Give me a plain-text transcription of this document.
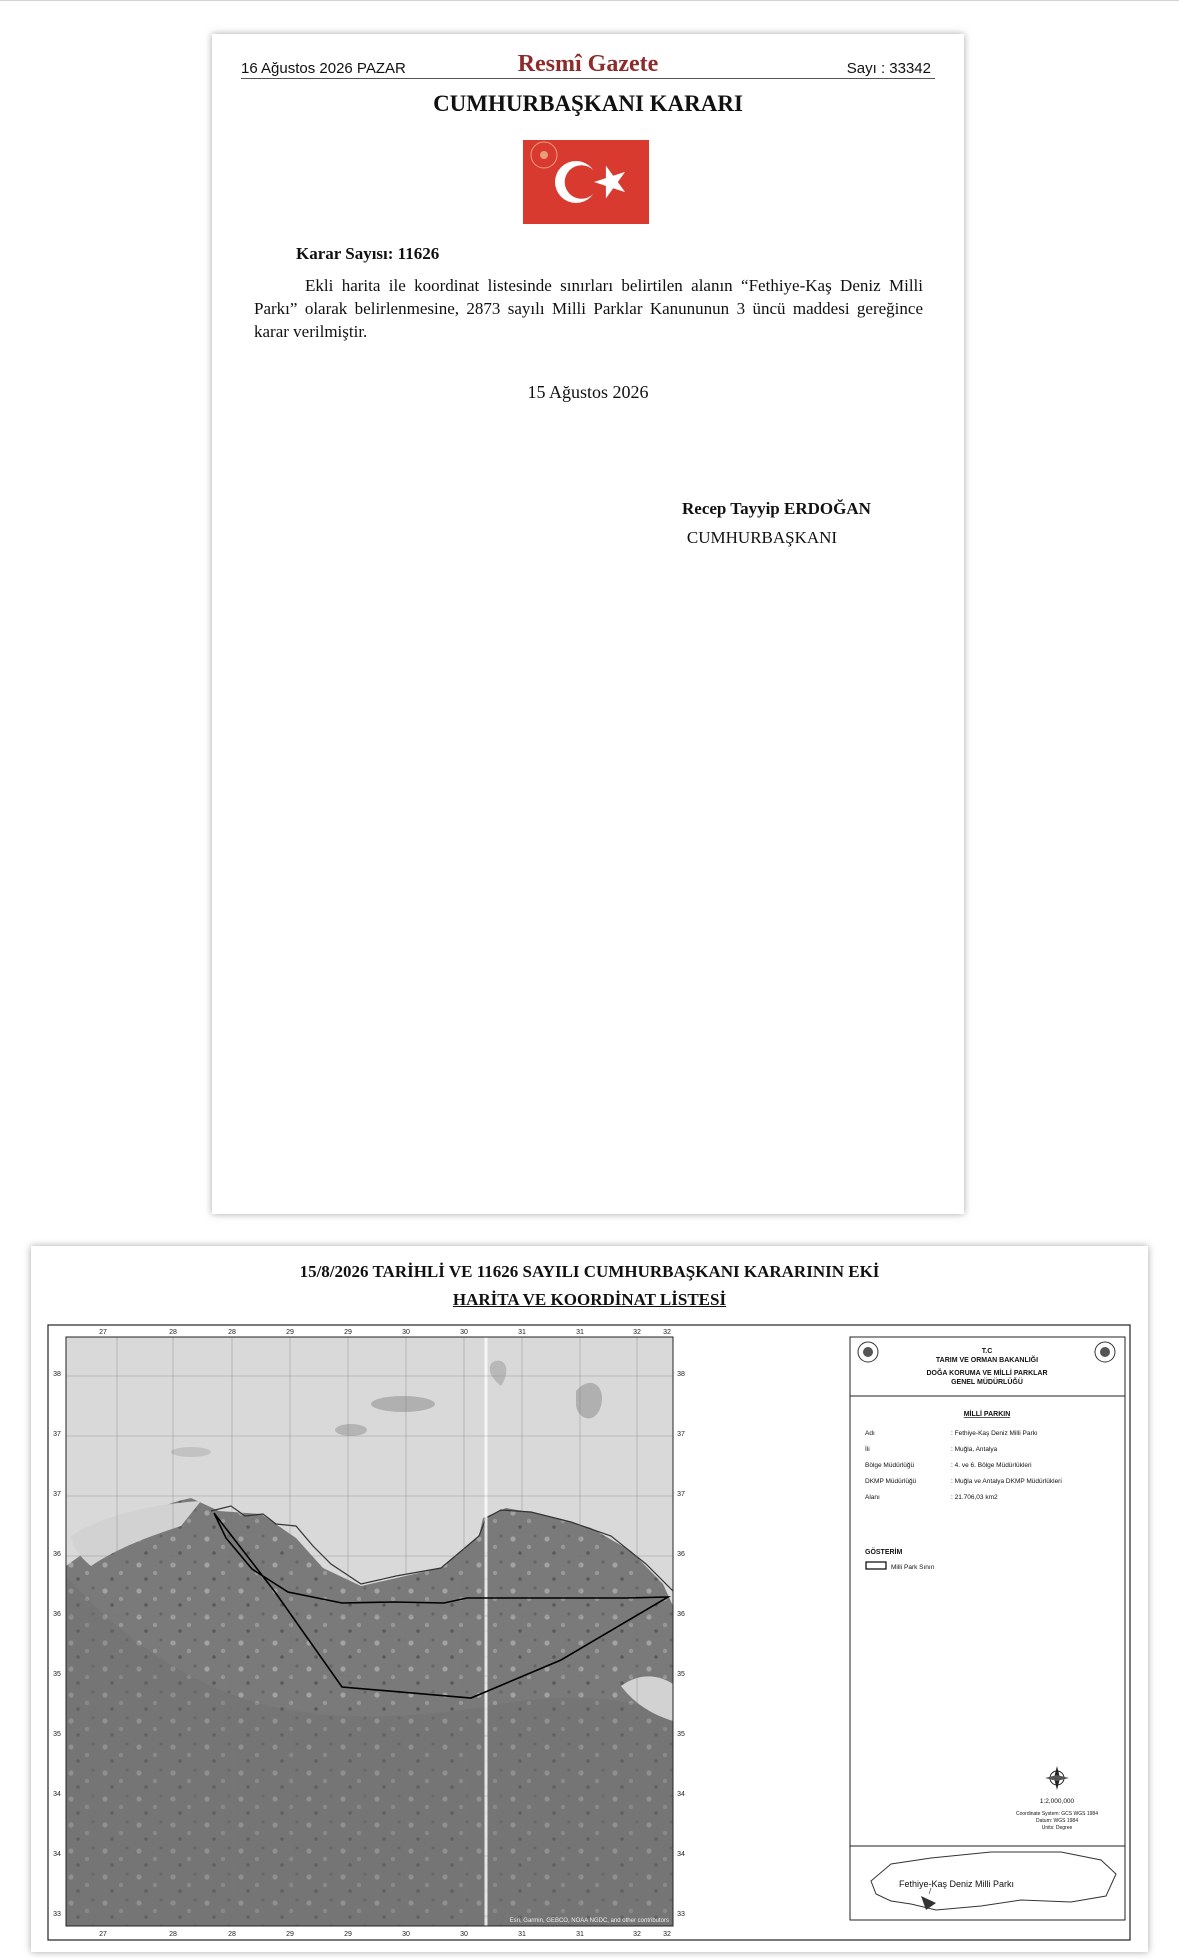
16 Ağustos 2026 PAZAR	Resmî Gazete	Sayı : 33342
CUMHURBAŞKANI KARARI
Karar Sayısı: 11626

Ekli harita ile koordinat listesinde sınırları belirtilen alanın “Fethiye-Kaş Deniz Milli Parkı” olarak belirlenmesine, 2873 sayılı Milli Parklar Kanununun 3 üncü maddesi gereğince karar verilmiştir.

15 Ağustos 2026
Recep Tayyip ERDOĞAN
CUMHURBAŞKANI
15/8/2026 TARİHLİ VE 11626 SAYILI CUMHURBAŞKANI KARARININ EKİ
HARİTA VE KOORDİNAT LİSTESİ
27	28	28	29	29	30	30	31	31	32	32
27	28	28	29	29	30	30	31	31	32	32
38
37
37
36
36
35
35
34
34
33
38
37
37
36
36
35
35
34
34
33
Esri, Garmin, GEBCO, NOAA NGDC, and other contributors
T.C
TARIM VE ORMAN BAKANLIĞI
DOĞA KORUMA VE MİLLİ PARKLAR
GENEL MÜDÜRLÜĞÜ
MİLLİ PARKIN
Adı	: Fethiye-Kaş Deniz Milli Parkı
İli	: Muğla, Antalya
Bölge Müdürlüğü	: 4. ve 6. Bölge Müdürlükleri
DKMP Müdürlüğü	: Muğla ve Antalya DKMP Müdürlükleri
Alanı	: 21.706,03 km2
GÖSTERİM
Milli Park Sınırı
1:2,000,000
Coordinate System: GCS WGS 1984
Datum: WGS 1984
Units: Degree
Fethiye-Kaş Deniz Milli Parkı
